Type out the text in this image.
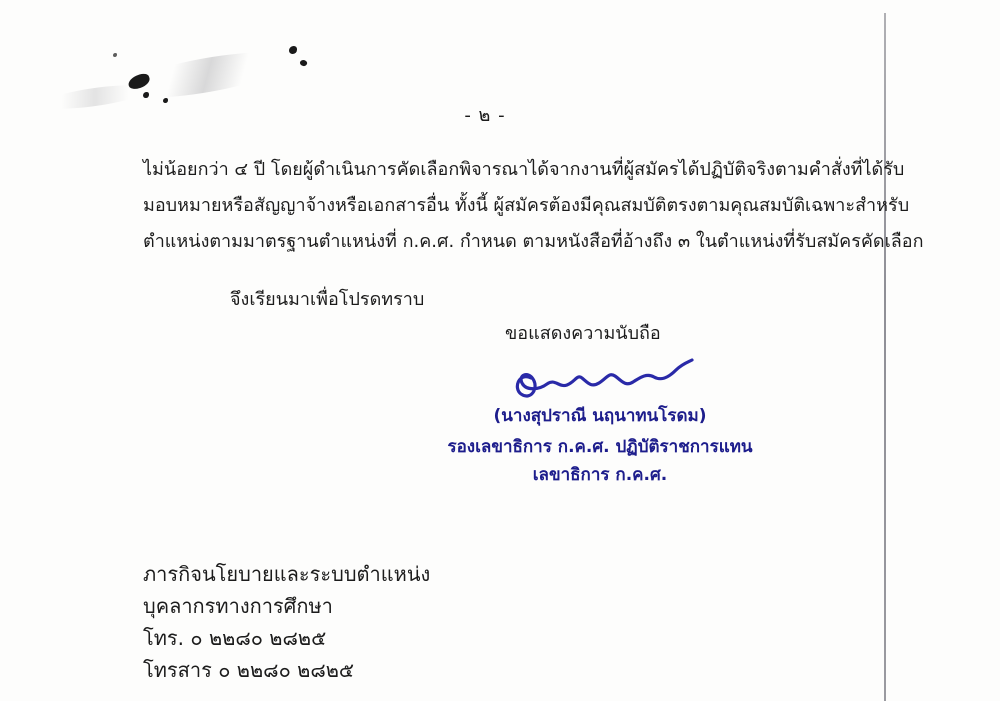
- ๒ -
ไม่น้อยกว่า ๔ ปี โดยผู้ดำเนินการคัดเลือกพิจารณาได้จากงานที่ผู้สมัครได้ปฏิบัติจริงตามคำสั่งที่ได้รับ
มอบหมายหรือสัญญาจ้างหรือเอกสารอื่น ทั้งนี้ ผู้สมัครต้องมีคุณสมบัติตรงตามคุณสมบัติเฉพาะสำหรับ
ตำแหน่งตามมาตรฐานตำแหน่งที่ ก.ค.ศ. กำหนด ตามหนังสือที่อ้างถึง ๓ ในตำแหน่งที่รับสมัครคัดเลือก
จึงเรียนมาเพื่อโปรดทราบ
ขอแสดงความนับถือ
(นางสุปราณี นฤนาทนโรดม)
รองเลขาธิการ ก.ค.ศ. ปฏิบัติราชการแทน
เลขาธิการ ก.ค.ศ.
ภารกิจนโยบายและระบบตำแหน่ง
บุคลากรทางการศึกษา
โทร. ๐ ๒๒๘๐ ๒๘๒๕
โทรสาร ๐ ๒๒๘๐ ๒๘๒๕
